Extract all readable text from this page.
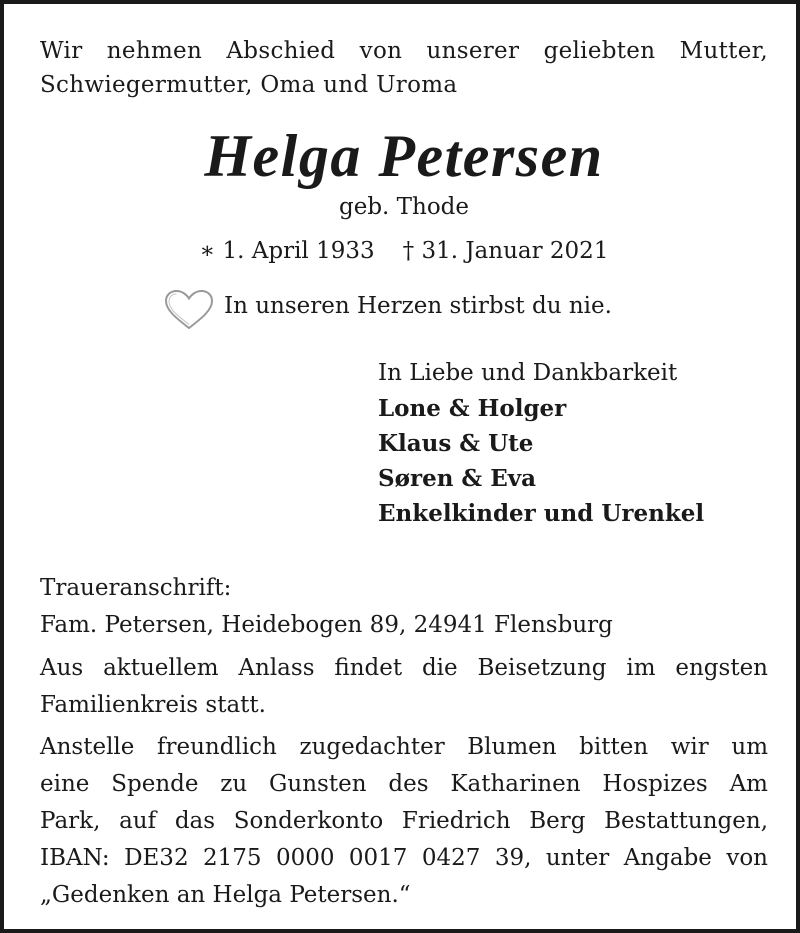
Wir nehmen Abschied von unserer geliebten Mutter,
Schwiegermutter, Oma und Uroma
Helga Petersen
geb. Thode
∗ 1. April 1933 † 31. Januar 2021
In unseren Herzen stirbst du nie.
In Liebe und Dankbarkeit
Lone & Holger
Klaus & Ute
Søren & Eva
Enkelkinder und Urenkel
Traueranschrift:
Fam. Petersen, Heidebogen 89, 24941 Flensburg
Aus aktuellem Anlass findet die Beisetzung im engsten
Familienkreis statt.
Anstelle freundlich zugedachter Blumen bitten wir um
eine Spende zu Gunsten des Katharinen Hospizes Am
Park, auf das Sonderkonto Friedrich Berg Bestattungen,
IBAN: DE32 2175 0000 0017 0427 39, unter Angabe von
„Gedenken an Helga Petersen.“
